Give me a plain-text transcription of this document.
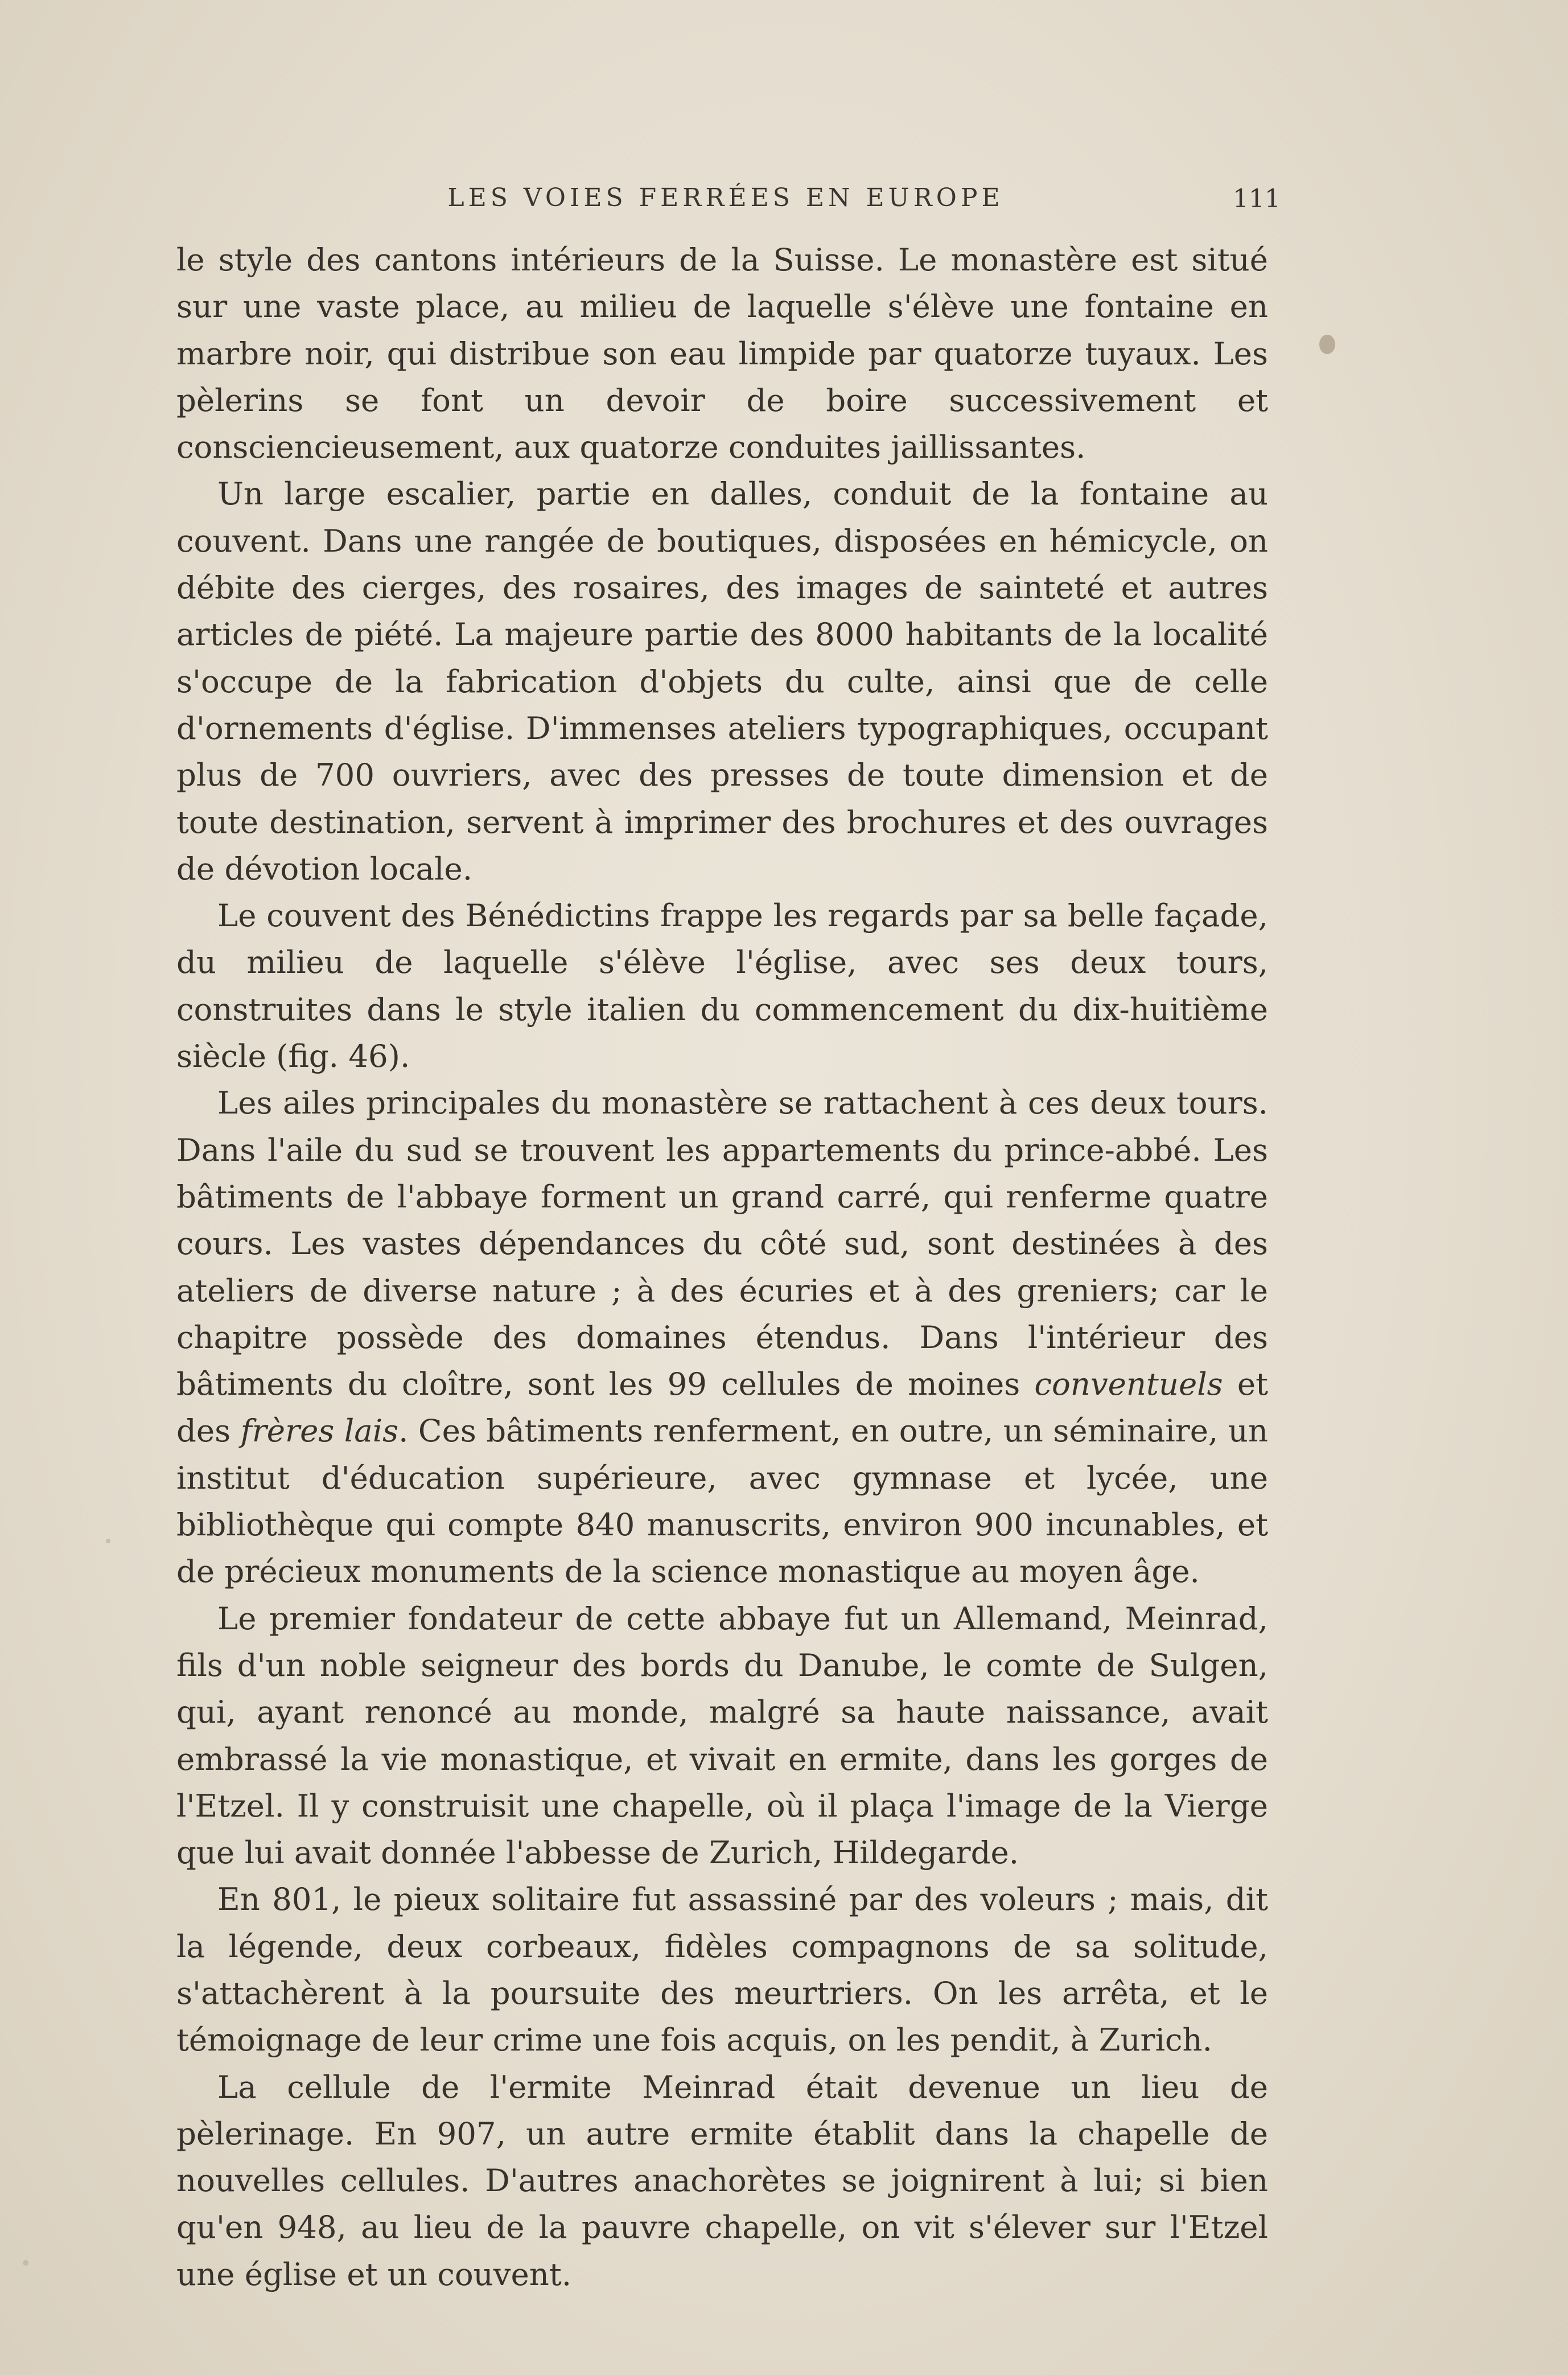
LES VOIES FERRÉES EN EUROPE	111

le style des cantons intérieurs de la Suisse. Le monastère est situé sur une vaste place, au milieu de laquelle s'élève une fontaine en marbre noir, qui distribue son eau limpide par quatorze tuyaux. Les pèlerins se font un devoir de boire successivement et consciencieusement, aux quatorze conduites jaillissantes.

Un large escalier, partie en dalles, conduit de la fontaine au couvent. Dans une rangée de boutiques, disposées en hémicycle, on débite des cierges, des rosaires, des images de sainteté et autres articles de piété. La majeure partie des 8000 habitants de la localité s'occupe de la fabrication d'objets du culte, ainsi que de celle d'ornements d'église. D'immenses ateliers typographiques, occupant plus de 700 ouvriers, avec des presses de toute dimension et de toute destination, servent à imprimer des brochures et des ouvrages de dévotion locale.

Le couvent des Bénédictins frappe les regards par sa belle façade, du milieu de laquelle s'élève l'église, avec ses deux tours, construites dans le style italien du commencement du dix-huitième siècle (fig. 46).

Les ailes principales du monastère se rattachent à ces deux tours. Dans l'aile du sud se trouvent les appartements du prince-abbé. Les bâtiments de l'abbaye forment un grand carré, qui renferme quatre cours. Les vastes dépendances du côté sud, sont destinées à des ateliers de diverse nature ; à des écuries et à des greniers; car le chapitre possède des domaines étendus. Dans l'intérieur des bâtiments du cloître, sont les 99 cellules de moines conventuels et des frères lais. Ces bâtiments renferment, en outre, un séminaire, un institut d'éducation supérieure, avec gymnase et lycée, une bibliothèque qui compte 840 manuscrits, environ 900 incunables, et de précieux monuments de la science monastique au moyen âge.

Le premier fondateur de cette abbaye fut un Allemand, Meinrad, fils d'un noble seigneur des bords du Danube, le comte de Sulgen, qui, ayant renoncé au monde, malgré sa haute naissance, avait embrassé la vie monastique, et vivait en ermite, dans les gorges de l'Etzel. Il y construisit une chapelle, où il plaça l'image de la Vierge que lui avait donnée l'abbesse de Zurich, Hildegarde.

En 801, le pieux solitaire fut assassiné par des voleurs ; mais, dit la légende, deux corbeaux, fidèles compagnons de sa solitude, s'attachèrent à la poursuite des meurtriers. On les arrêta, et le témoignage de leur crime une fois acquis, on les pendit, à Zurich.

La cellule de l'ermite Meinrad était devenue un lieu de pèlerinage. En 907, un autre ermite établit dans la chapelle de nouvelles cellules. D'autres anachorètes se joignirent à lui; si bien qu'en 948, au lieu de la pauvre chapelle, on vit s'élever sur l'Etzel une église et un couvent.
